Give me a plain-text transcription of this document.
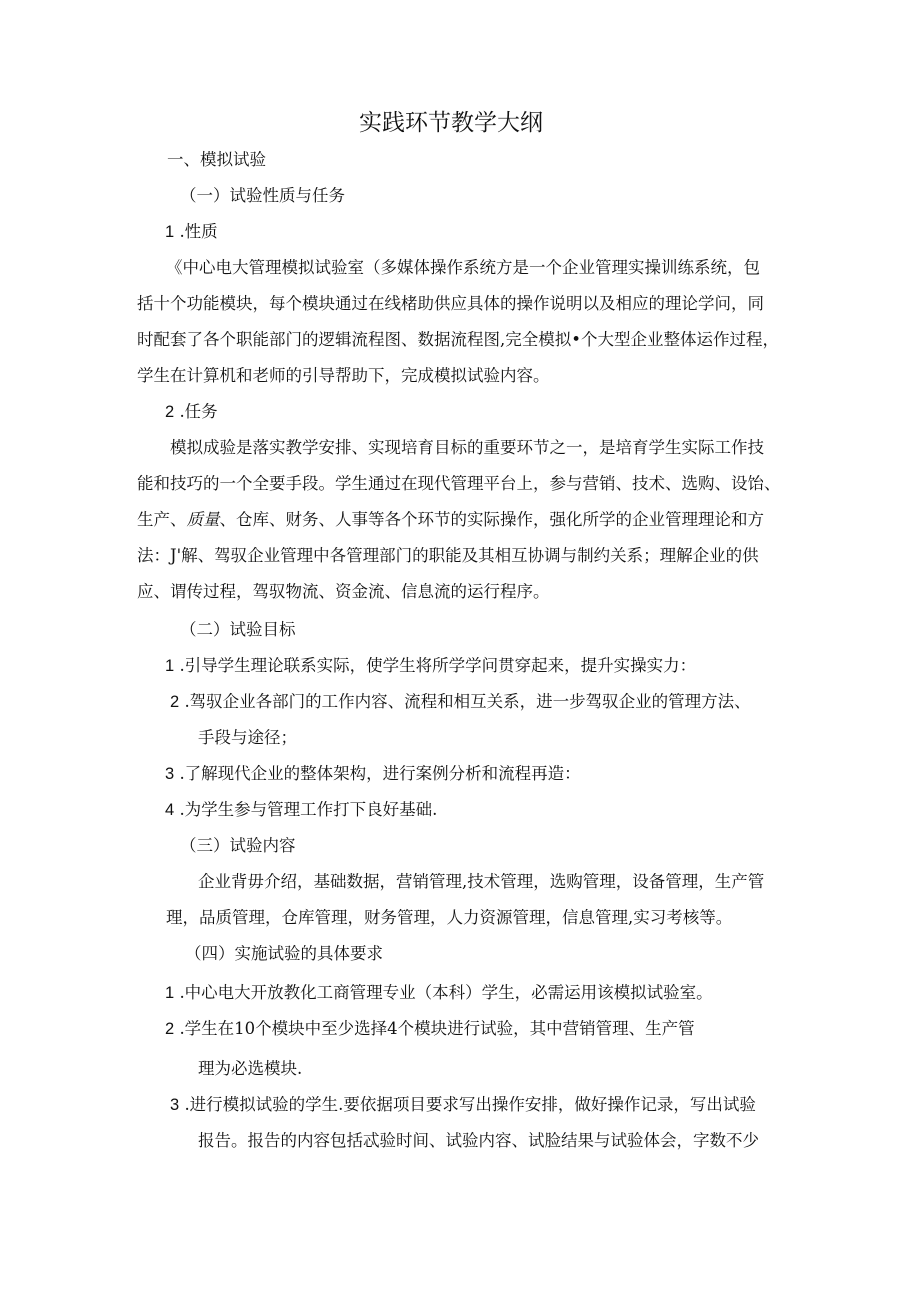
实践环节教学大纲
一、模拟试验
（一）试验性质与任务
1 .性质
《中心电大管理模拟试验室（多媒体操作系统方是一个企业管理实操训练系统，包
括十个功能模块，每个模块通过在线楮助供应具体的操作说明以及相应的理论学问，同
时配套了各个职能部门的逻辑流程图、数据流程图,完全模拟•个大型企业整体运作过程，
学生在计算机和老师的引导帮助下，完成模拟试验内容。
2 .任务
模拟成验是落实教学安排、实现培育目标的重要环节之一，是培育学生实际工作技
能和技巧的一个全要手段。学生通过在现代管理平台上，参与营销、技术、选购、设饴、
生产、质量、仓库、财务、人事等各个环节的实际操作，强化所学的企业管理理论和方
法：J'解、驾驭企业管理中各管理部门的职能及其相互协调与制约关系；理解企业的供
应、谓传过程，驾驭物流、资金流、信息流的运行程序。
（二）试验目标
1 .引导学生理论联系实际，使学生将所学学问贯穿起来，提升实操实力：
2 .驾驭企业各部门的工作内容、流程和相互关系，进一步驾驭企业的管理方法、
手段与途径；
3 .了解现代企业的整体架构，进行案例分析和流程再造：
4 .为学生参与管理工作打下良好基础.
（三）试验内容
企业背毋介绍，基础数据，营销管理,技术管理，选购管理，设备管理，生产管
理，品质管理，仓库管理，财务管理，人力资源管理，信息管理,实习考核等。
（四）实施试验的具体要求
1 .中心电大开放教化工商管理专业（本科）学生，必需运用该模拟试验室。
2 .学生在10个模块中至少选择4个模块进行试验，其中营销管理、生产管
理为必选模块.
3 .进行模拟试验的学生.要依据项目要求写出操作安排，做好操作记录，写出试验
报告。报告的内容包括忒验时间、试验内容、试脸结果与试验体会，字数不少
